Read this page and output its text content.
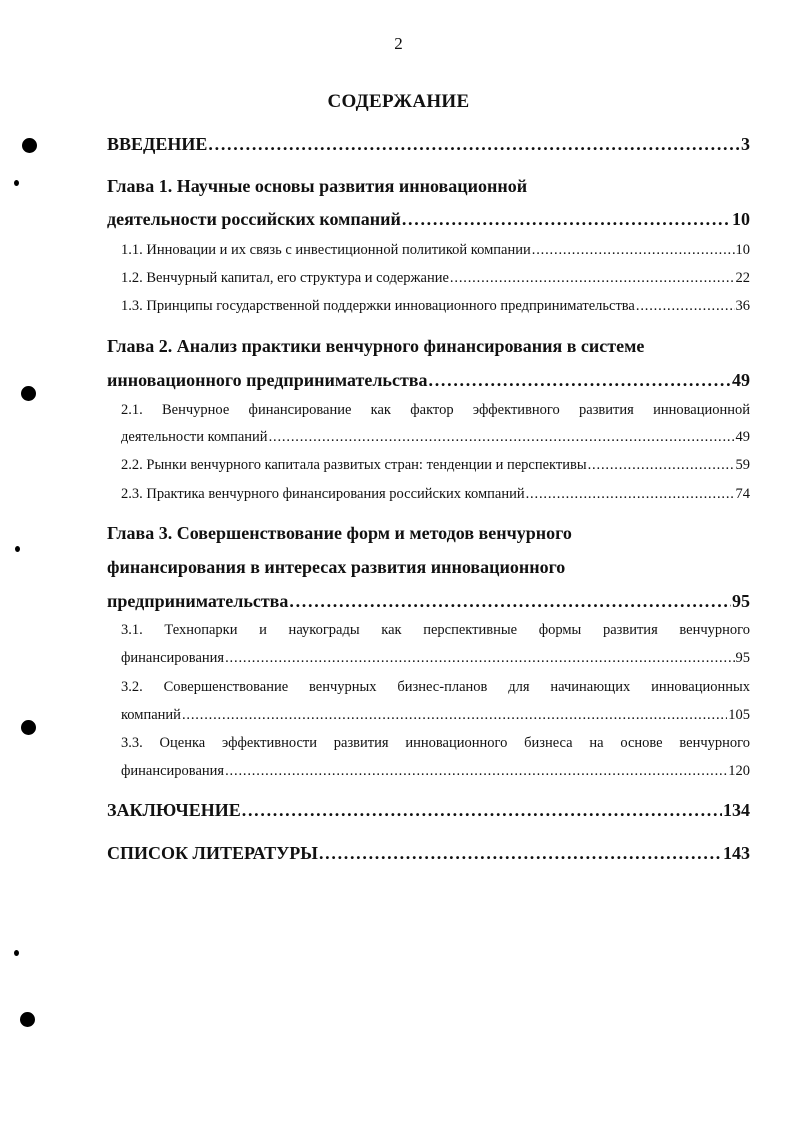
2
СОДЕРЖАНИЕ
ВВЕДЕНИЕ . . .	3
Глава 1. Научные основы развития инновационной
деятельности российских компаний . . .	10
1.1. Инновации и их связь с инвестиционной политикой компании . . .	10
1.2. Венчурный капитал, его структура и содержание . . .	22
1.3. Принципы государственной поддержки инновационного предпринимательства . . .	36
Глава 2. Анализ практики венчурного финансирования в системе
инновационного предпринимательства . . .	49
2.1. Венчурное финансирование как фактор эффективного развития инновационной
деятельности компаний . . .	49
2.2. Рынки венчурного капитала развитых стран: тенденции и перспективы . . .	59
2.3. Практика венчурного финансирования российских компаний . . .	74
Глава 3. Совершенствование форм и методов венчурного
финансирования в интересах развития инновационного
предпринимательства . . .	95
3.1. Технопарки и наукограды как перспективные формы развития венчурного
финансирования . . .	95
3.2. Совершенствование венчурных бизнес-планов для начинающих инновационных
компаний . . .	105
3.3. Оценка эффективности развития инновационного бизнеса на основе венчурного
финансирования . . .	120
ЗАКЛЮЧЕНИЕ . . .	134
СПИСОК ЛИТЕРАТУРЫ . . .	143
